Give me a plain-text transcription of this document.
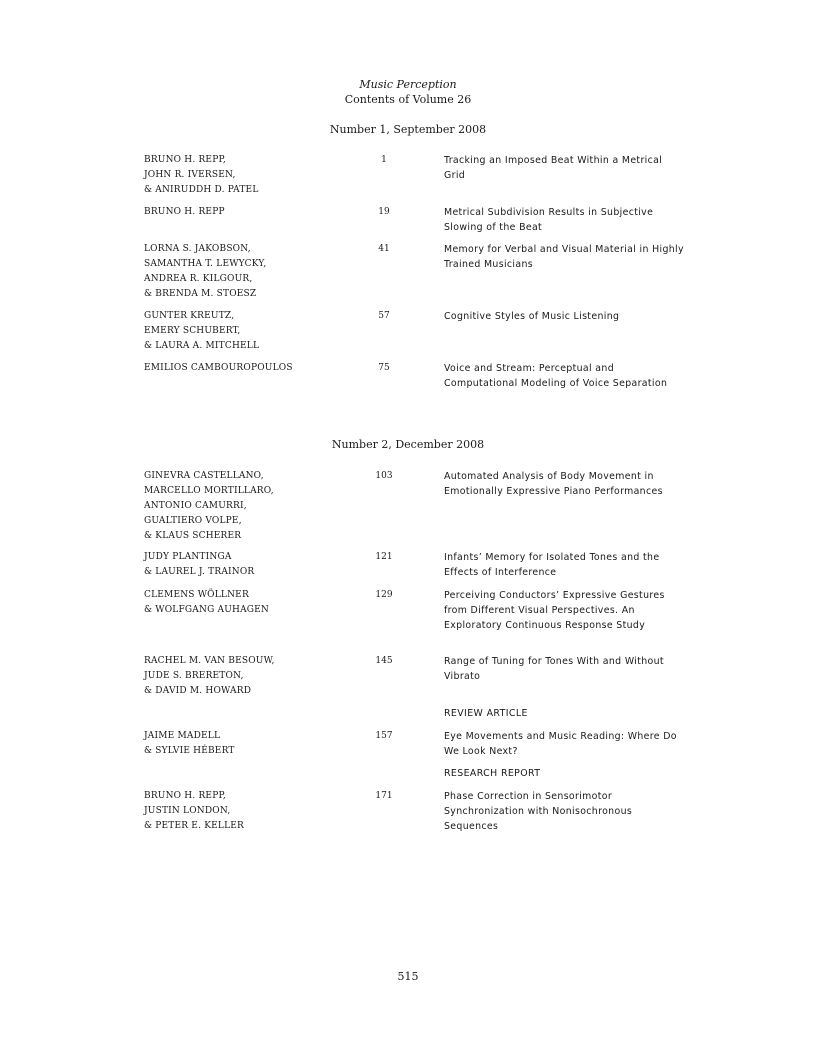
Music Perception
Contents of Volume 26
Number 1, September 2008
BRUNO H. REPP,
JOHN R. IVERSEN,
& ANIRUDDH D. PATEL
1	Tracking an Imposed Beat Within a Metrical Grid
BRUNO H. REPP	19	Metrical Subdivision Results in Subjective Slowing of the Beat
LORNA S. JAKOBSON,
SAMANTHA T. LEWYCKY,
ANDREA R. KILGOUR,
& BRENDA M. STOESZ
41	Memory for Verbal and Visual Material in Highly Trained Musicians
GUNTER KREUTZ,
EMERY SCHUBERT,
& LAURA A. MITCHELL
57	Cognitive Styles of Music Listening
EMILIOS CAMBOUROPOULOS	75	Voice and Stream: Perceptual and Computational Modeling of Voice Separation
Number 2, December 2008
GINEVRA CASTELLANO,
MARCELLO MORTILLARO,
ANTONIO CAMURRI,
GUALTIERO VOLPE,
& KLAUS SCHERER
103	Automated Analysis of Body Movement in Emotionally Expressive Piano Performances
JUDY PLANTINGA
& LAUREL J. TRAINOR
121	Infants’ Memory for Isolated Tones and the Effects of Interference
CLEMENS WÖLLNER
& WOLFGANG AUHAGEN
129	Perceiving Conductors’ Expressive Gestures from Different Visual Perspectives. An Exploratory Continuous Response Study
RACHEL M. VAN BESOUW,
JUDE S. BRERETON,
& DAVID M. HOWARD
145	Range of Tuning for Tones With and Without Vibrato
REVIEW ARTICLE
JAIME MADELL
& SYLVIE HÉBERT
157	Eye Movements and Music Reading: Where Do We Look Next?
RESEARCH REPORT
BRUNO H. REPP,
JUSTIN LONDON,
& PETER E. KELLER
171	Phase Correction in Sensorimotor Synchronization with Nonisochronous Sequences
515
